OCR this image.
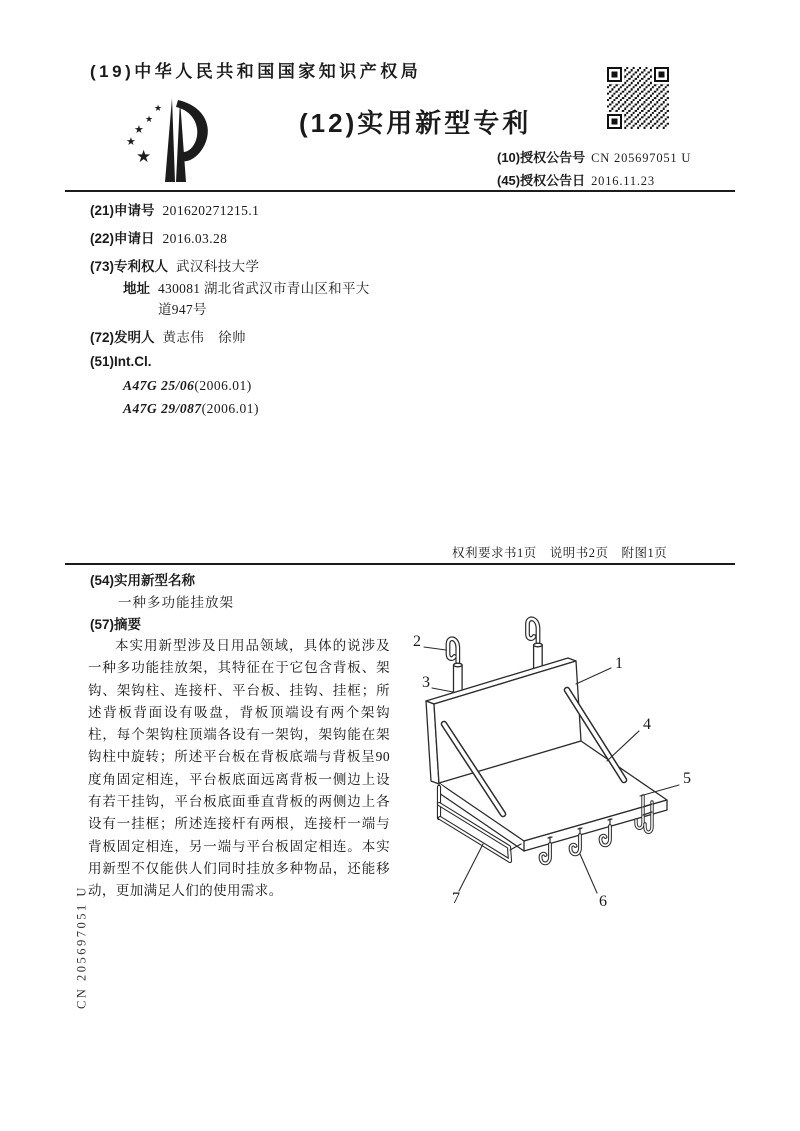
(19)中华人民共和国国家知识产权局
★
★
★
★
★	(12)实用新型专利
(10)授权公告号 CN 205697051 U
(45)授权公告日 2016.11.23
(21)申请号 201620271215.1
(22)申请日 2016.03.28
(73)专利权人 武汉科技大学
地址 430081 湖北省武汉市青山区和平大
道947号
(72)发明人 黄志伟　徐帅
(51)Int.Cl.
A47G 25/06(2006.01)
A47G 29/087(2006.01)
权利要求书1页　说明书2页　附图1页
(54)实用新型名称
一种多功能挂放架
(57)摘要
本实用新型涉及日用品领域，具体的说涉及一种多功能挂放架，其特征在于它包含背板、架钩、架钩柱、连接杆、平台板、挂钩、挂框；所述背板背面设有吸盘，背板顶端设有两个架钩柱，每个架钩柱顶端各设有一架钩，架钩能在架钩柱中旋转；所述平台板在背板底端与背板呈90度角固定相连，平台板底面远离背板一侧边上设有若干挂钩，平台板底面垂直背板的两侧边上各设有一挂框；所述连接杆有两根，连接杆一端与背板固定相连，另一端与平台板固定相连。本实用新型不仅能供人们同时挂放多种物品，还能移动，更加满足人们的使用需求。
1
2
3
4
5
6
7
CN 205697051 U
